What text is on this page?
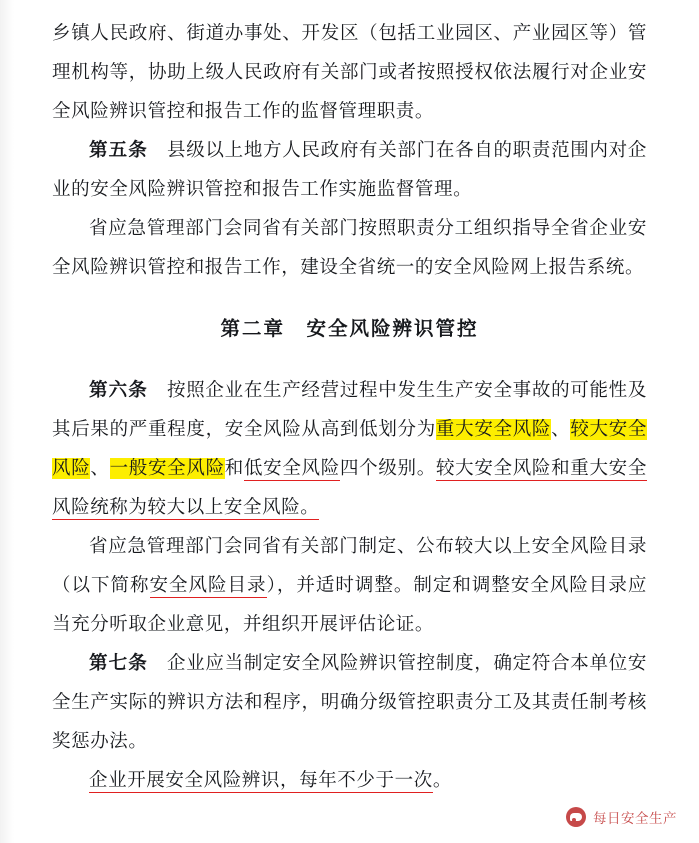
乡镇人民政府、街道办事处、开发区（包括工业园区、产业园区等）管理机构等，协助上级人民政府有关部门或者按照授权依法履行对企业安全风险辨识管控和报告工作的监督管理职责。

第五条　县级以上地方人民政府有关部门在各自的职责范围内对企业的安全风险辨识管控和报告工作实施监督管理。

省应急管理部门会同省有关部门按照职责分工组织指导全省企业安全风险辨识管控和报告工作，建设全省统一的安全风险网上报告系统。

第二章　安全风险辨识管控

第六条　按照企业在生产经营过程中发生生产安全事故的可能性及其后果的严重程度，安全风险从高到低划分为重大安全风险、较大安全风险、一般安全风险和低安全风险四个级别。较大安全风险和重大安全风险统称为较大以上安全风险。

省应急管理部门会同省有关部门制定、公布较大以上安全风险目录（以下简称安全风险目录），并适时调整。制定和调整安全风险目录应当充分听取企业意见，并组织开展评估论证。

第七条　企业应当制定安全风险辨识管控制度，确定符合本单位安全生产实际的辨识方法和程序，明确分级管控职责分工及其责任制考核奖惩办法。

企业开展安全风险辨识，每年不少于一次。

每日安全生产
